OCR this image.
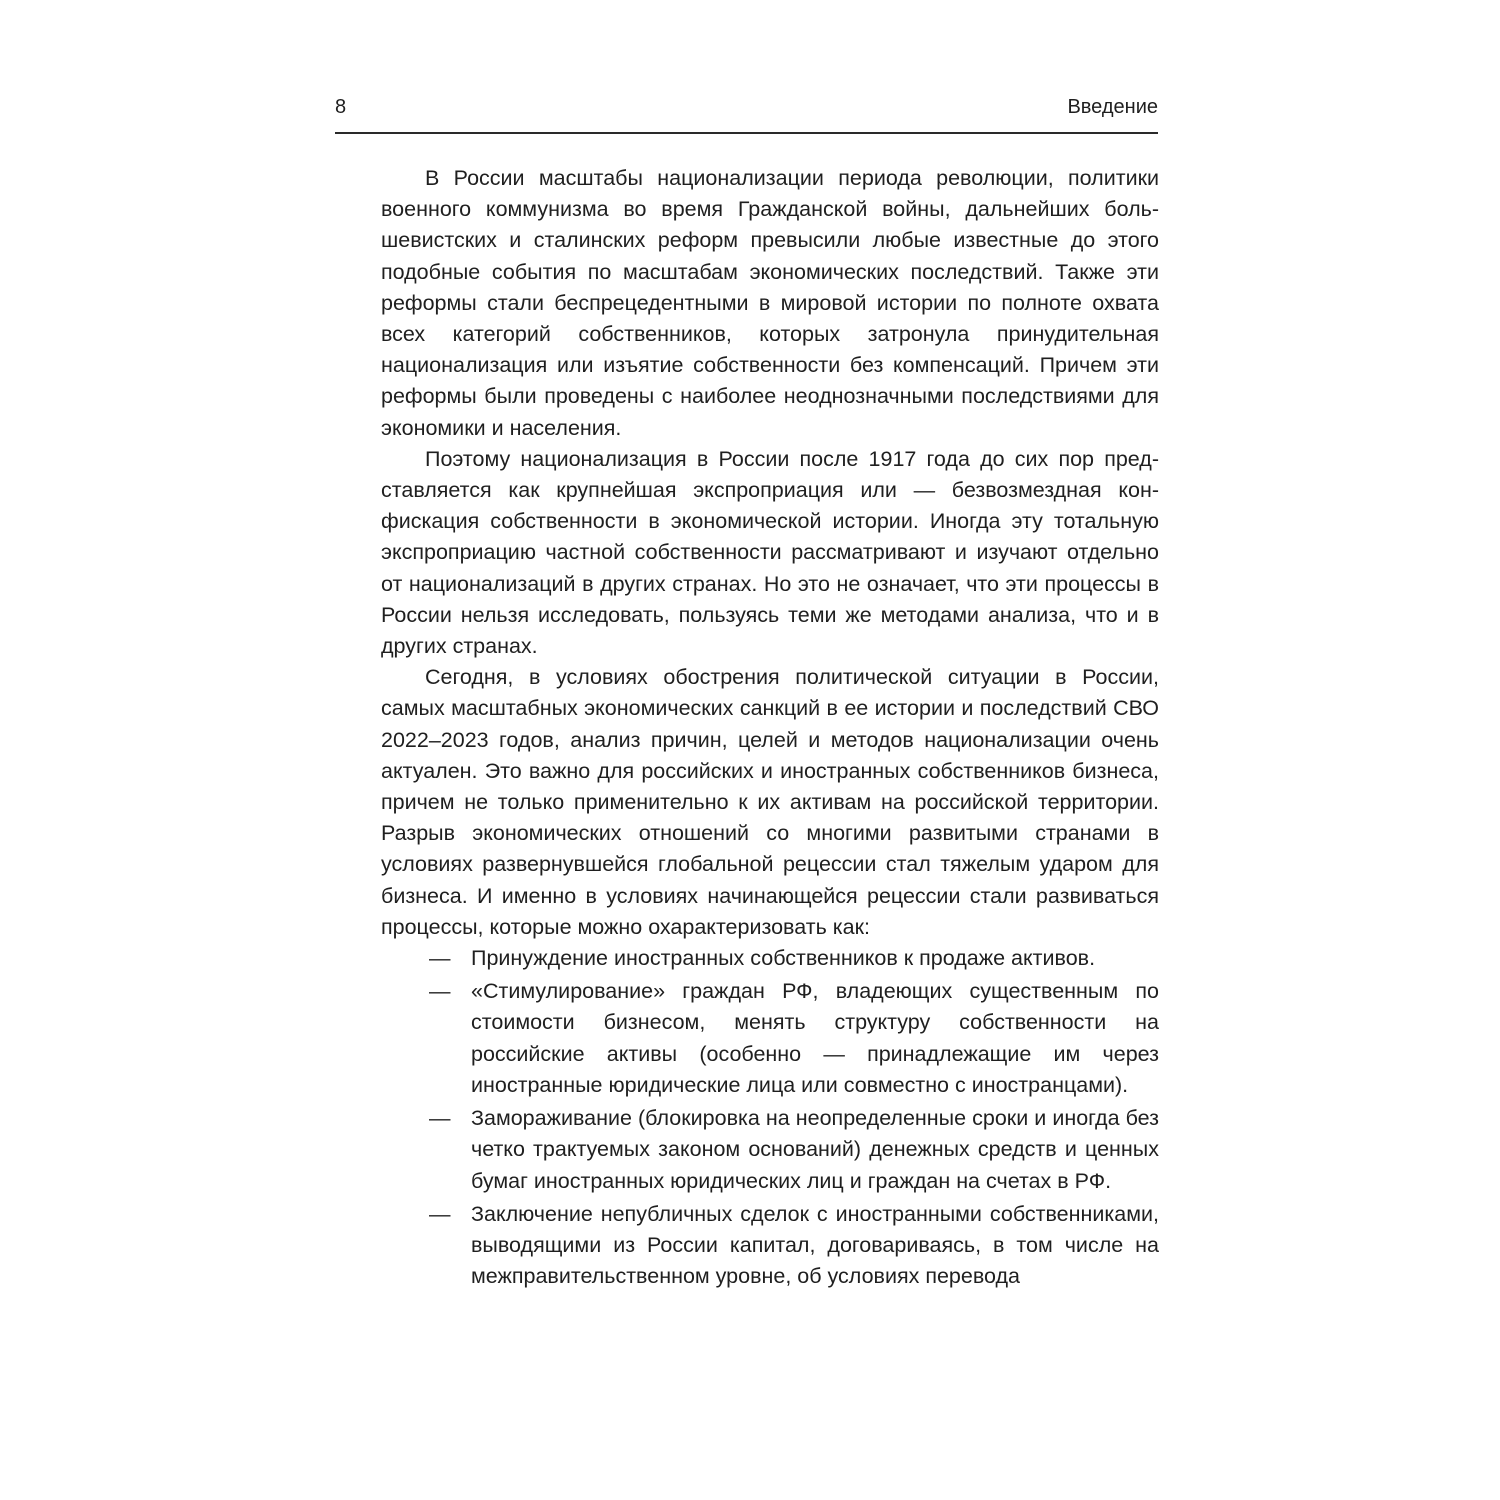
8	Введение

В России масштабы национализации периода революции, политики военного коммунизма во время Гражданской войны, дальнейших большевистских и сталинских реформ превысили любые известные до этого подобные события по масштабам экономических последствий. Также эти реформы стали беспрецедентными в мировой истории по полноте охвата всех категорий собственников, которых затронула принудительная национализация или изъятие собственности без компенсаций. Причем эти реформы были проведены с наиболее неоднозначными последствиями для экономики и населения.

Поэтому национализация в России после 1917 года до сих пор представляется как крупнейшая экспроприация или — безвозмездная конфискация собственности в экономической истории. Иногда эту тотальную экспроприацию частной собственности рассматривают и изучают отдельно от национализаций в других странах. Но это не означает, что эти процессы в России нельзя исследовать, пользуясь теми же методами анализа, что и в других странах.

Сегодня, в условиях обострения политической ситуации в России, самых масштабных экономических санкций в ее истории и последствий СВО 2022–2023 годов, анализ причин, целей и методов национализации очень актуален. Это важно для российских и иностранных собственников бизнеса, причем не только применительно к их активам на российской территории. Разрыв экономических отношений со многими развитыми странами в условиях развернувшейся глобальной рецессии стал тяжелым ударом для бизнеса. И именно в условиях начинающейся рецессии стали развиваться процессы, которые можно охарактеризовать как:

— Принуждение иностранных собственников к продаже активов.
— «Стимулирование» граждан РФ, владеющих существенным по стоимости бизнесом, менять структуру собственности на российские активы (особенно — принадлежащие им через иностранные юридические лица или совместно с иностранцами).
— Замораживание (блокировка на неопределенные сроки и иногда без четко трактуемых законом оснований) денежных средств и ценных бумаг иностранных юридических лиц и граждан на счетах в РФ.
— Заключение непубличных сделок с иностранными собственниками, выводящими из России капитал, договариваясь, в том числе на межправительственном уровне, об условиях перевода
